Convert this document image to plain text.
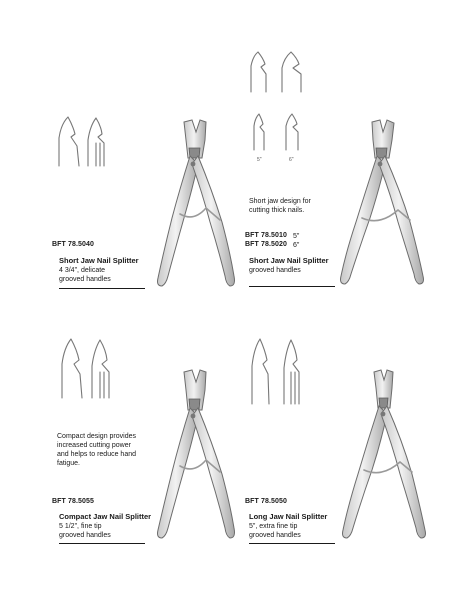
BFT 78.5040
Short Jaw Nail Splitter
4 3/4", delicate
grooved handles
5"	6"
Short jaw design for cutting thick nails.
BFT 78.5010 5"
BFT 78.5020 6"
Short Jaw Nail Splitter
grooved handles
Compact design provides increased cutting power and helps to reduce hand fatigue.
BFT 78.5055
Compact Jaw Nail Splitter
5 1/2", fine tip
grooved handles
BFT 78.5050
Long Jaw Nail Splitter
5", extra fine tip
grooved handles
